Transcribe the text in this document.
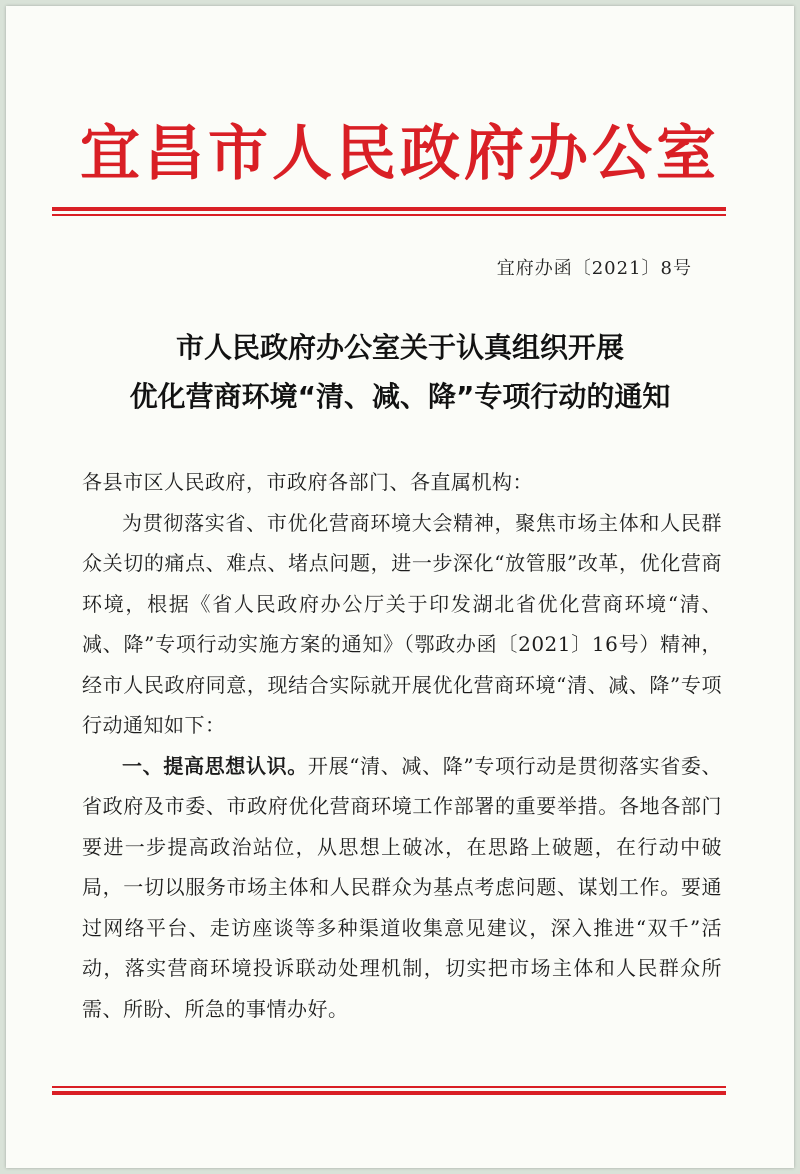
宜昌市人民政府办公室
宜府办函〔2021〕8号
市人民政府办公室关于认真组织开展
优化营商环境“清、减、降”专项行动的通知

各县市区人民政府，市政府各部门、各直属机构：

为贯彻落实省、市优化营商环境大会精神，聚焦市场主体和人民群众关切的痛点、难点、堵点问题，进一步深化“放管服”改革，优化营商环境，根据《省人民政府办公厅关于印发湖北省优化营商环境“清、减、降”专项行动实施方案的通知》（鄂政办函〔2021〕16号）精神，经市人民政府同意，现结合实际就开展优化营商环境“清、减、降”专项行动通知如下：

一、提高思想认识。开展“清、减、降”专项行动是贯彻落实省委、省政府及市委、市政府优化营商环境工作部署的重要举措。各地各部门要进一步提高政治站位，从思想上破冰，在思路上破题，在行动中破局，一切以服务市场主体和人民群众为基点考虑问题、谋划工作。要通过网络平台、走访座谈等多种渠道收集意见建议，深入推进“双千”活动，落实营商环境投诉联动处理机制，切实把市场主体和人民群众所需、所盼、所急的事情办好。
